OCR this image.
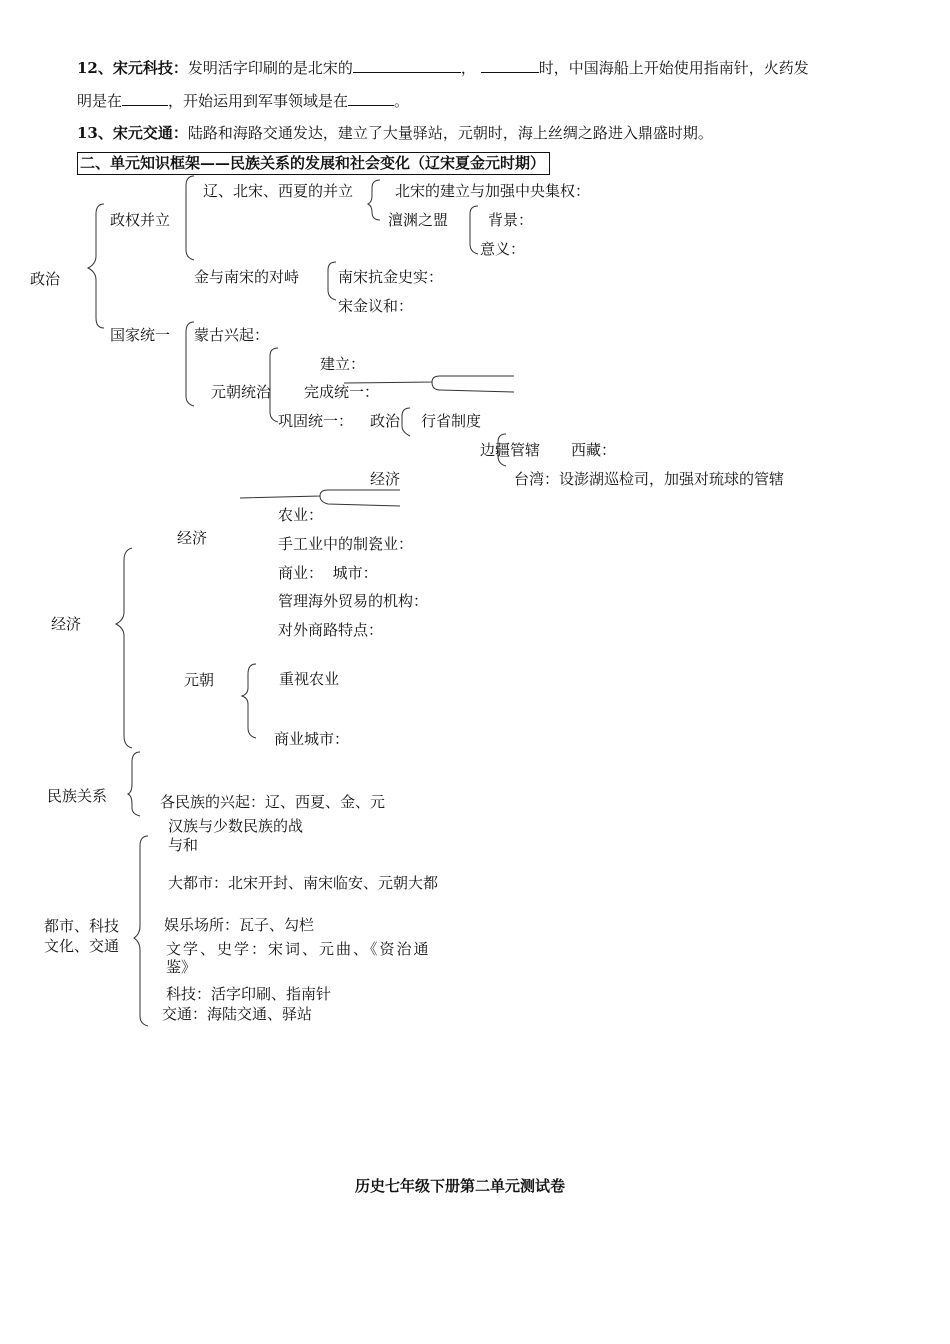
12、宋元科技：发明活字印刷的是北宋的	，	时，中国海船上开始使用指南针，火药发
明是在	，开始运用到军事领域是在	。
13、宋元交通：陆路和海路交通发达，建立了大量驿站，元朝时，海上丝绸之路进入鼎盛时期。
二、单元知识框架——民族关系的发展和社会变化（辽宋夏金元时期）
政治
政权并立
辽、北宋、西夏的并立	北宋的建立与加强中央集权：
澶渊之盟	背景：
意义：
金与南宋的对峙	南宋抗金史实：
宋金议和：
国家统一 蒙古兴起：
建立：
元朝统治 完成统一：
巩固统一： 政治 行省制度
边疆管辖 西藏：
经济	台湾：设澎湖巡检司，加强对琉球的管辖
经济
经济
农业：
手工业中的制瓷业：
商业： 城市：
管理海外贸易的机构：
对外商路特点：
元朝	重视农业
商业城市：
民族关系	各民族的兴起：辽、西夏、金、元
汉族与少数民族的战
与和
都市、科技
文化、交通
大都市：北宋开封、南宋临安、元朝大都
娱乐场所：瓦子、勾栏
文学、史学：宋词、元曲、《资治通
鉴》
科技：活字印刷、指南针
交通：海陆交通、驿站
历史七年级下册第二单元测试卷
